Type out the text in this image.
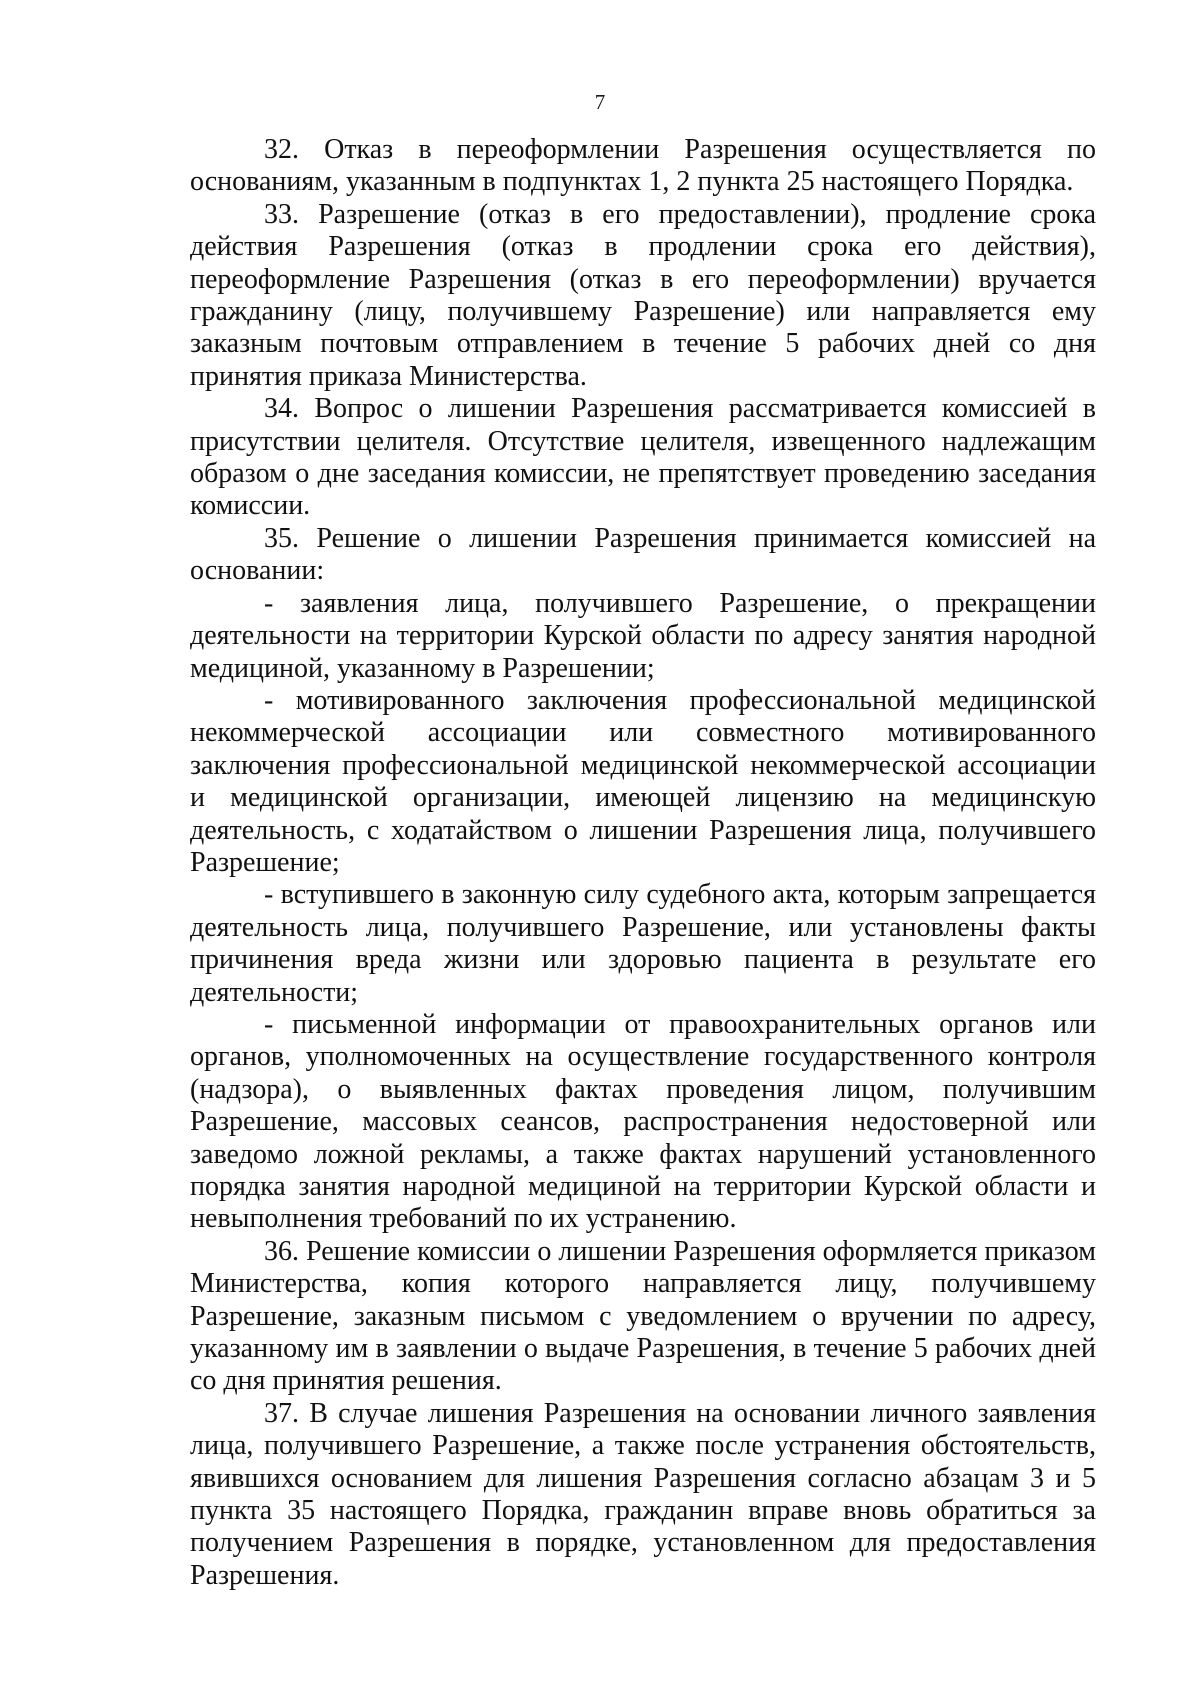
7

32. Отказ в переоформлении Разрешения осуществляется по основаниям, указанным в подпунктах 1, 2 пункта 25 настоящего Порядка.

33. Разрешение (отказ в его предоставлении), продление срока действия Разрешения (отказ в продлении срока его действия), переоформление Разрешения (отказ в его переоформлении) вручается гражданину (лицу, получившему Разрешение) или направляется ему заказным почтовым отправлением в течение 5 рабочих дней со дня принятия приказа Министерства.

34. Вопрос о лишении Разрешения рассматривается комиссией в присутствии целителя. Отсутствие целителя, извещенного надлежащим образом о дне заседания комиссии, не препятствует проведению заседания комиссии.

35. Решение о лишении Разрешения принимается комиссией на основании:

- заявления лица, получившего Разрешение, о прекращении деятельности на территории Курской области по адресу занятия народной медициной, указанному в Разрешении;

- мотивированного заключения профессиональной медицинской некоммерческой ассоциации или совместного мотивированного заключения профессиональной медицинской некоммерческой ассоциации и медицинской организации, имеющей лицензию на медицинскую деятельность, с ходатайством о лишении Разрешения лица, получившего Разрешение;

- вступившего в законную силу судебного акта, которым запрещается деятельность лица, получившего Разрешение, или установлены факты причинения вреда жизни или здоровью пациента в результате его деятельности;

- письменной информации от правоохранительных органов или органов, уполномоченных на осуществление государственного контроля (надзора), о выявленных фактах проведения лицом, получившим Разрешение, массовых сеансов, распространения недостоверной или заведомо ложной рекламы, а также фактах нарушений установленного порядка занятия народной медициной на территории Курской области и невыполнения требований по их устранению.

36. Решение комиссии о лишении Разрешения оформляется приказом Министерства, копия которого направляется лицу, получившему Разрешение, заказным письмом с уведомлением о вручении по адресу, указанному им в заявлении о выдаче Разрешения, в течение 5 рабочих дней со дня принятия решения.

37. В случае лишения Разрешения на основании личного заявления лица, получившего Разрешение, а также после устранения обстоятельств, явившихся основанием для лишения Разрешения согласно абзацам 3 и 5 пункта 35 настоящего Порядка, гражданин вправе вновь обратиться за получением Разрешения в порядке, установленном для предоставления Разрешения.
